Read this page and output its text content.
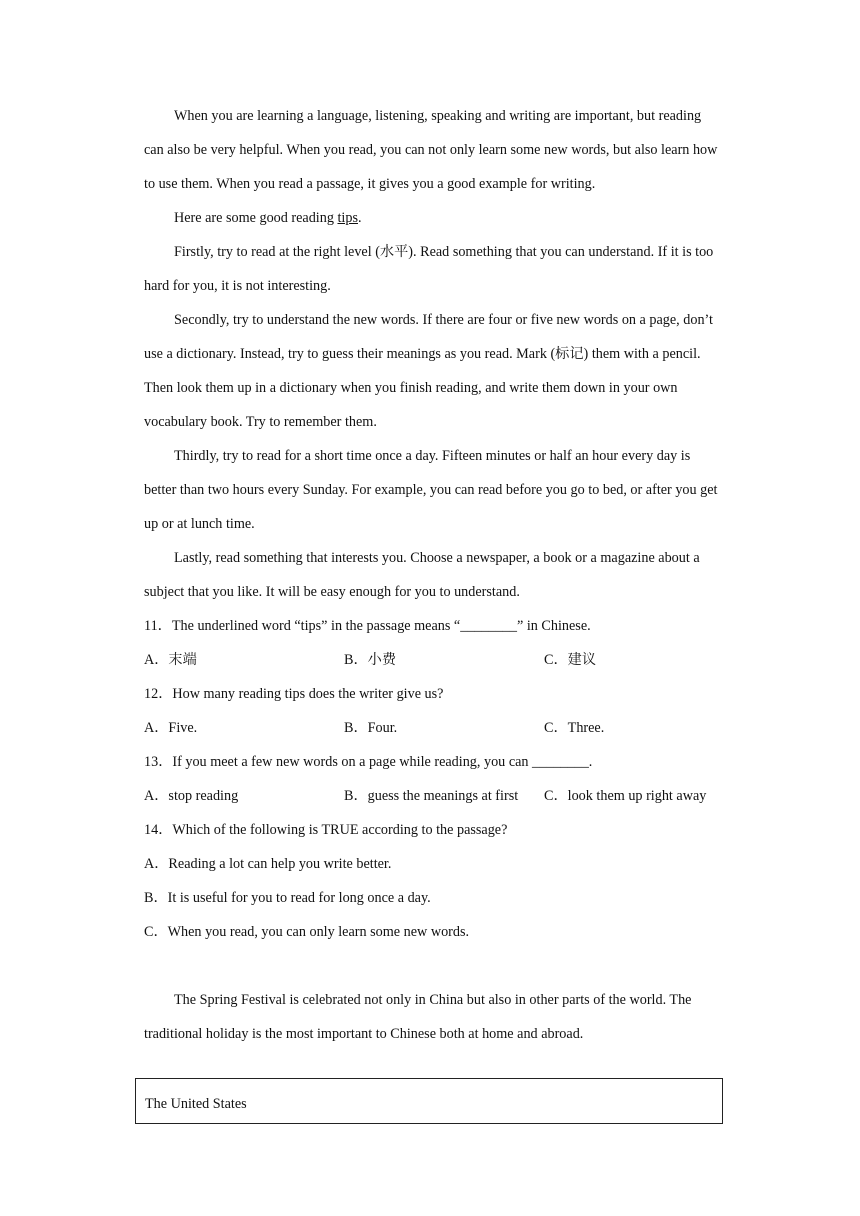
When you are learning a language, listening, speaking and writing are important, but reading can also be very helpful. When you read, you can not only learn some new words, but also learn how to use them. When you read a passage, it gives you a good example for writing.

Here are some good reading tips.

Firstly, try to read at the right level (水平). Read something that you can understand. If it is too hard for you, it is not interesting.

Secondly, try to understand the new words. If there are four or five new words on a page, don’t use a dictionary. Instead, try to guess their meanings as you read. Mark (标记) them with a pencil. Then look them up in a dictionary when you finish reading, and write them down in your own vocabulary book. Try to remember them.

Thirdly, try to read for a short time once a day. Fifteen minutes or half an hour every day is better than two hours every Sunday. For example, you can read before you go to bed, or after you get up or at lunch time.

Lastly, read something that interests you. Choose a newspaper, a book or a magazine about a subject that you like. It will be easy enough for you to understand.

11．The underlined word “tips” in the passage means “________” in Chinese.

A．末端	B．小费	C．建议

12．How many reading tips does the writer give us?

A．Five.	B．Four.	C．Three.

13．If you meet a few new words on a page while reading, you can ________.

A．stop reading	B．guess the meanings at first	C．look them up right away

14．Which of the following is TRUE according to the passage?

A．Reading a lot can help you write better.

B．It is useful for you to read for long once a day.

C．When you read, you can only learn some new words.

The Spring Festival is celebrated not only in China but also in other parts of the world. The traditional holiday is the most important to Chinese both at home and abroad.

The United States
